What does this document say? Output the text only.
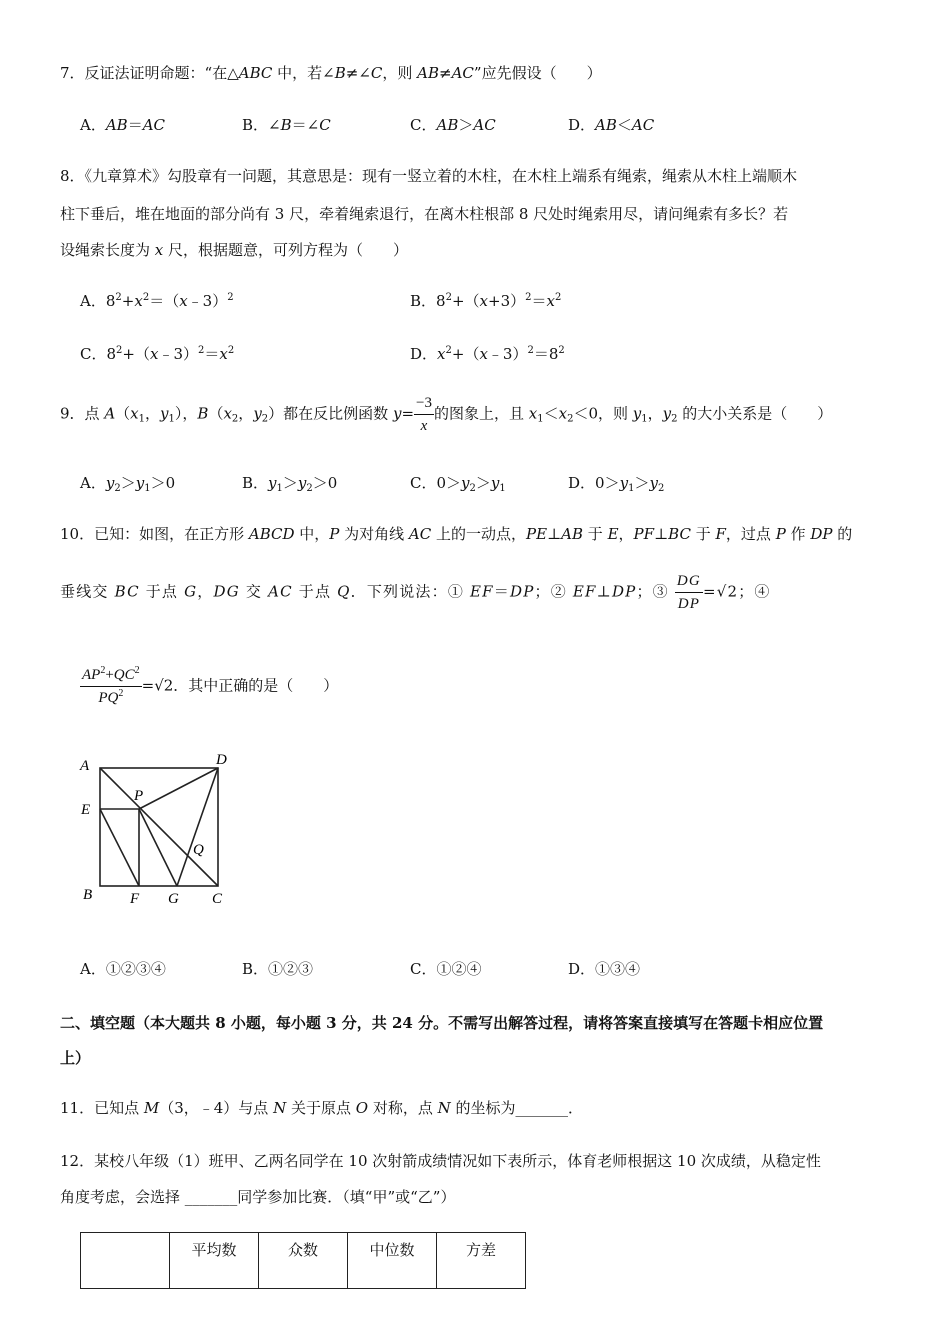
7．反证法证明命题：“在△ABC 中，若∠B≠∠C，则 AB≠AC”应先假设（　　）
A．AB＝AC	B．∠B＝∠C	C．AB＞AC	D．AB＜AC
8．《九章算术》勾股章有一问题，其意思是：现有一竖立着的木柱，在木柱上端系有绳索，绳索从木柱上端顺木
柱下垂后，堆在地面的部分尚有 3 尺，牵着绳索退行，在离木柱根部 8 尺处时绳索用尽，请问绳索有多长？若
设绳索长度为 x 尺，根据题意，可列方程为（　　）
A．$8^2+x^2=(x﹣3)^2$	B．$8^2+(x+3)^2=x^2$
C．$8^2+(x﹣3)^2=x^2$	D．$x^2+(x﹣3)^2=8^2$
9．点 $A(x_1$，$y_1$），$B(x_2$，$y_2$）都在反比例函数 $y= \frac{-3}{x}$ 的图象上，且 $x_1<x_2<0$，则 $y_1$，$y_2$ 的大小关系是（　　）
A．$y_2>y_1>0$	B．$y_1>y_2>0$	C．$0>y_2>y_1$	D．$0>y_1>y_2$
10．已知：如图，在正方形 ABCD 中，P 为对角线 AC 上的一动点，PE⊥AB 于 E，PF⊥BC 于 F，过点 P 作 DP 的
垂线交 BC 于点 G，DG 交 AC 于点 Q．下列说法：① EF＝DP；② EF⊥DP；③ $\frac{DG}{DP} =√2$；④
$\frac{AP^2+QC^2}{PQ^2} =√2$．其中正确的是（　　）
A	D
P
E
Q
B	F G C
A．①②③④	B．①②③	C．①②④	D．①③④
二、填空题（本大题共 8 小题，每小题 3 分，共 24 分。不需写出解答过程，请将答案直接填写在答题卡相应位置
上）
11．已知点 M（3，﹣4）与点 N 关于原点 O 对称，点 N 的坐标为_______．
12．某校八年级（1）班甲、乙两名同学在 10 次射箭成绩情况如下表所示，体育老师根据这 10 次成绩，从稳定性
角度考虑，会选择 _______同学参加比赛．（填“甲”或“乙”）
	平均数	众数	中位数	方差
